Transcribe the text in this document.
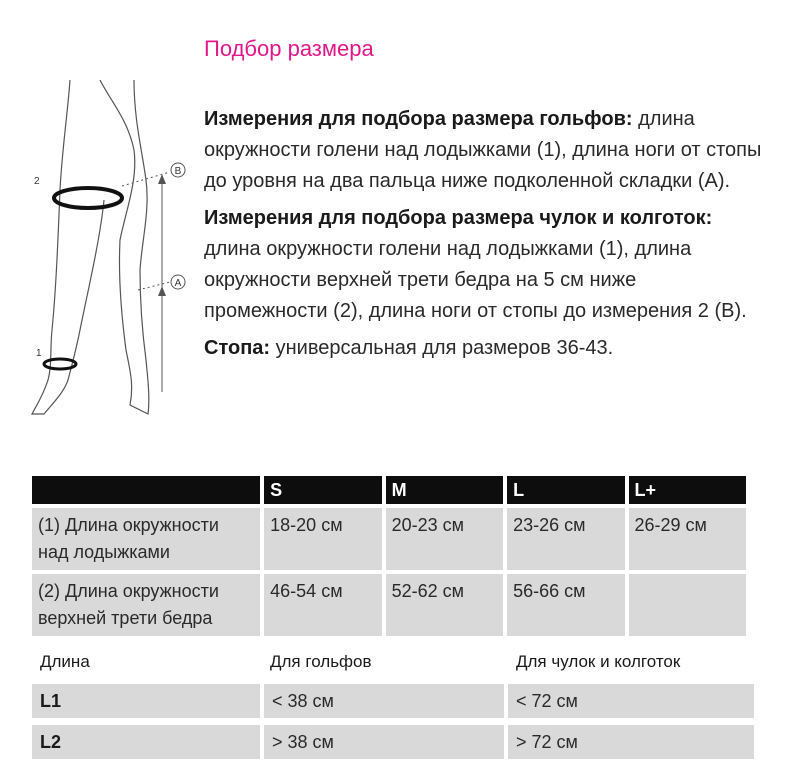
Подбор размера

Измерения для подбора размера гольфов: длина окружности голени над лодыжками (1), длина ноги от стопы до уровня на два пальца ниже подколенной складки (A).

Измерения для подбора размера чулок и колготок: длина окружности голени над лодыжками (1), длина окружности верхней трети бедра на 5 см ниже промежности (2), длина ноги от стопы до измерения 2 (B).

Стопа: универсальная для размеров 36-43.

B
A
2
1
	S	M	L	L+
(1) Длина окружности над лодыжками	18-20 см	20-23 см	23-26 см	26-29 см
(2) Длина окружности верхней трети бедра	46-54 см	52-62 см	56-66 см	
Длина	Для гольфов	Для чулок и колготок
L1	< 38 см	< 72 см
L2	> 38 см	> 72 см
